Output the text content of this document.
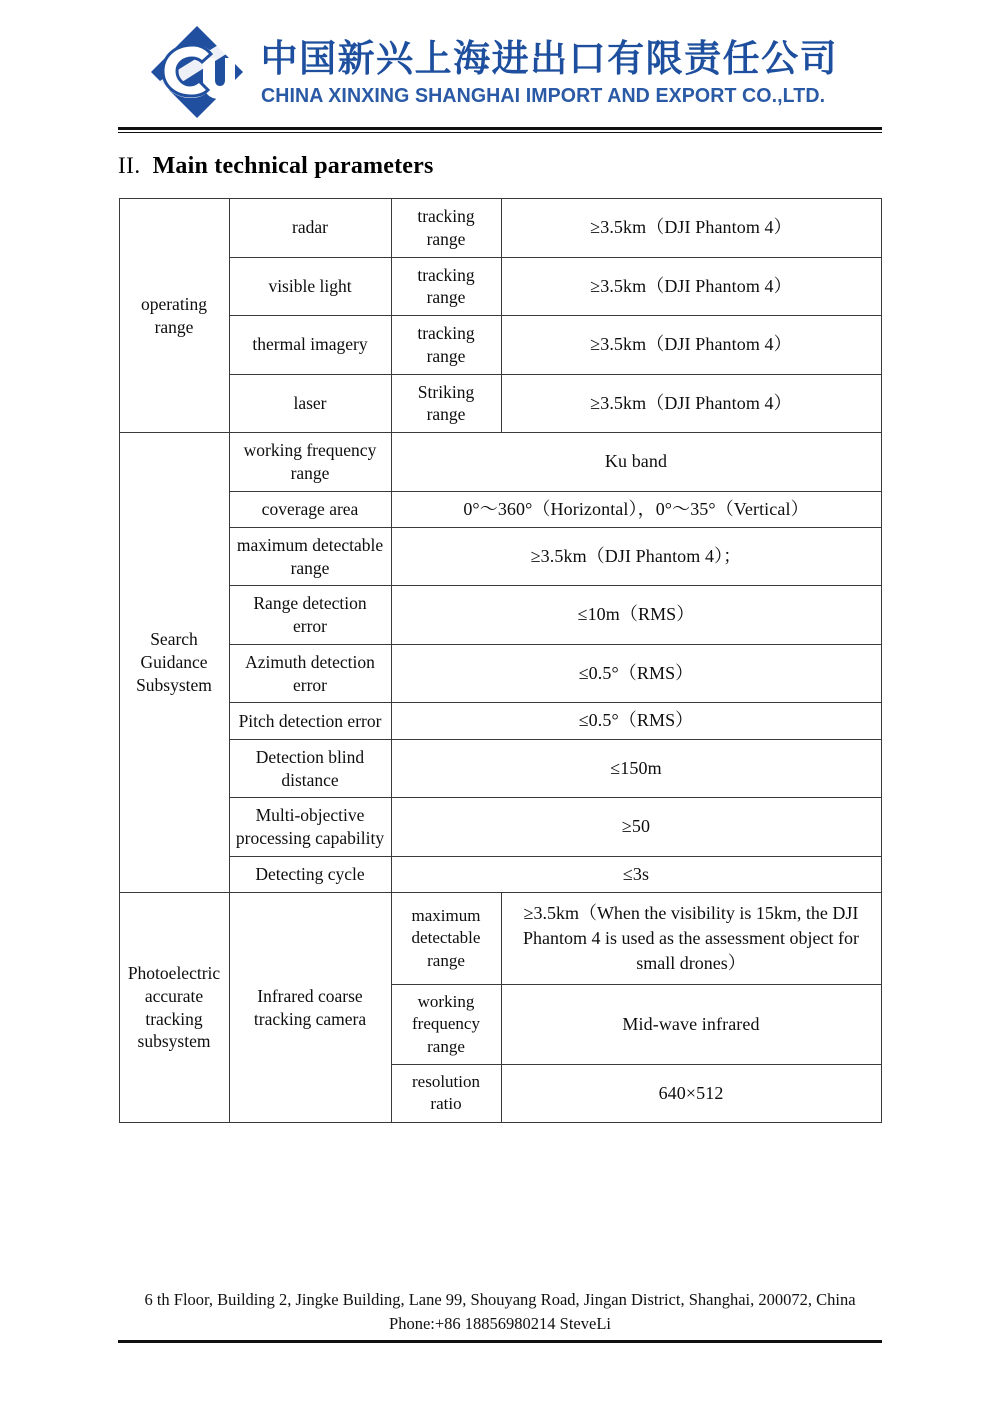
中国新兴上海进出口有限责任公司
CHINA XINXING SHANGHAI IMPORT AND EXPORT CO.,LTD.
II. Main technical parameters
operating range	radar	tracking range	≥3.5km（DJI Phantom 4）
	visible light	tracking range	≥3.5km（DJI Phantom 4）
	thermal imagery	tracking range	≥3.5km（DJI Phantom 4）
	laser	Striking range	≥3.5km（DJI Phantom 4）
Search Guidance Subsystem	working frequency range	Ku band	
	coverage area	0°～360°（Horizontal），0°～35°（Vertical）	
	maximum detectable range	≥3.5km（DJI Phantom 4）；	
	Range detection error	≤10m（RMS）	
	Azimuth detection error	≤0.5°（RMS）	
	Pitch detection error	≤0.5°（RMS）	
	Detection blind distance	≤150m	
	Multi-objective processing capability	≥50	
	Detecting cycle	≤3s	
Photoelectric accurate tracking subsystem	Infrared coarse tracking camera	maximum detectable range	≥3.5km（When the visibility is 15km, the DJI Phantom 4 is used as the assessment object for small drones）
		working frequency range	Mid-wave infrared
		resolution ratio	640×512
6 th Floor, Building 2, Jingke Building, Lane 99, Shouyang Road, Jingan District, Shanghai, 200072, China
Phone:+86 18856980214 SteveLi
